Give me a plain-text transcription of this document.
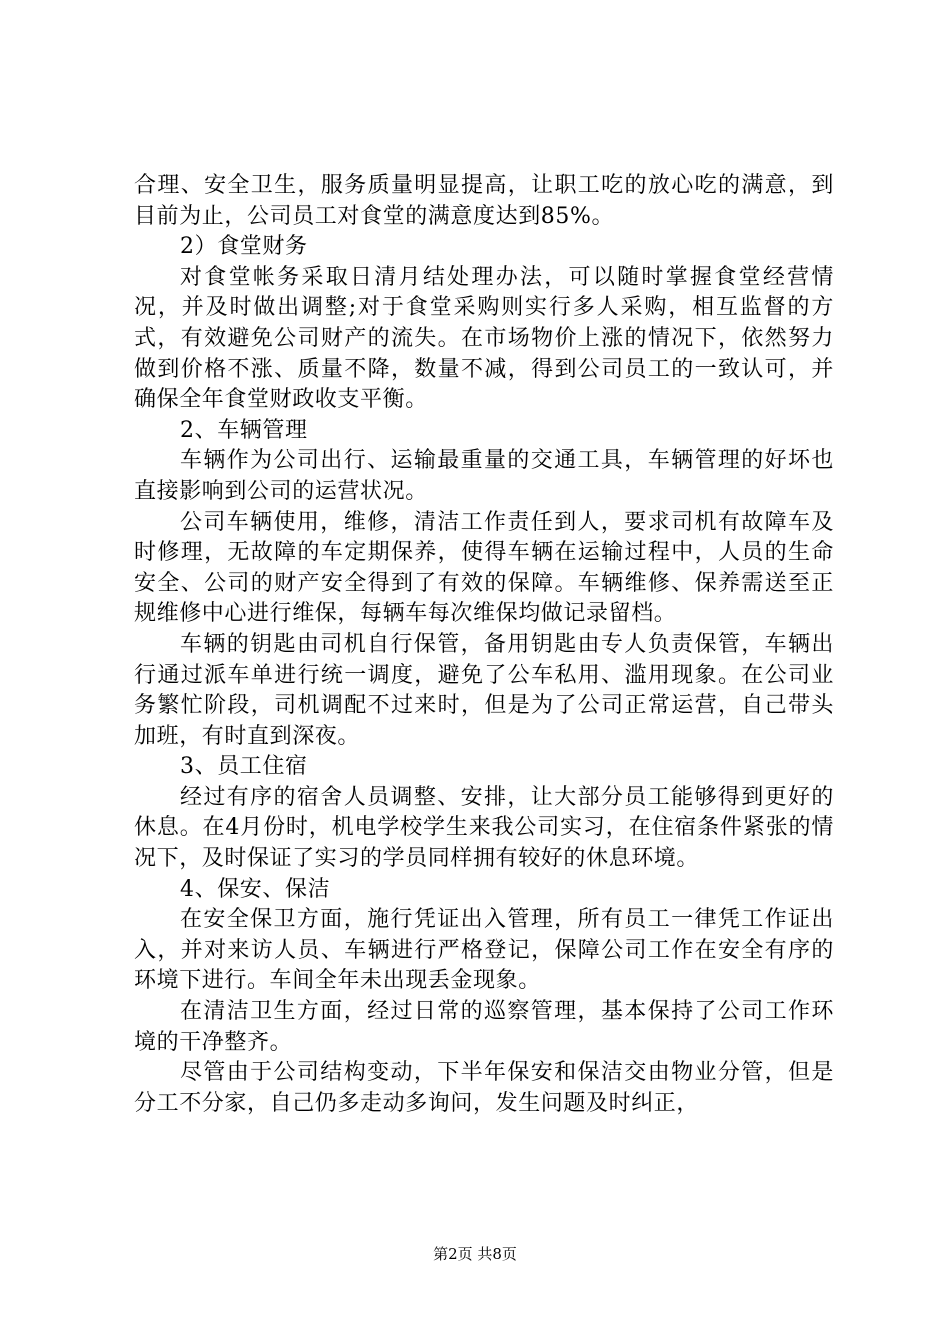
合理、安全卫生，服务质量明显提高，让职工吃的放心吃的满意，到目前为止，公司员工对食堂的满意度达到85%。

2）食堂财务

对食堂帐务采取日清月结处理办法，可以随时掌握食堂经营情况，并及时做出调整;对于食堂采购则实行多人采购，相互监督的方式，有效避免公司财产的流失。在市场物价上涨的情况下，依然努力做到价格不涨、质量不降，数量不减，得到公司员工的一致认可，并确保全年食堂财政收支平衡。

2、车辆管理

车辆作为公司出行、运输最重量的交通工具，车辆管理的好坏也直接影响到公司的运营状况。

公司车辆使用，维修，清洁工作责任到人，要求司机有故障车及时修理，无故障的车定期保养，使得车辆在运输过程中，人员的生命安全、公司的财产安全得到了有效的保障。车辆维修、保养需送至正规维修中心进行维保，每辆车每次维保均做记录留档。

车辆的钥匙由司机自行保管，备用钥匙由专人负责保管，车辆出行通过派车单进行统一调度，避免了公车私用、滥用现象。在公司业务繁忙阶段，司机调配不过来时，但是为了公司正常运营，自己带头加班，有时直到深夜。

3、员工住宿

经过有序的宿舍人员调整、安排，让大部分员工能够得到更好的休息。在4月份时，机电学校学生来我公司实习，在住宿条件紧张的情况下，及时保证了实习的学员同样拥有较好的休息环境。

4、保安、保洁

在安全保卫方面，施行凭证出入管理，所有员工一律凭工作证出入，并对来访人员、车辆进行严格登记，保障公司工作在安全有序的环境下进行。车间全年未出现丢金现象。

在清洁卫生方面，经过日常的巡察管理，基本保持了公司工作环境的干净整齐。

尽管由于公司结构变动，下半年保安和保洁交由物业分管，但是分工不分家，自己仍多走动多询问，发生问题及时纠正，

第2页 共8页
